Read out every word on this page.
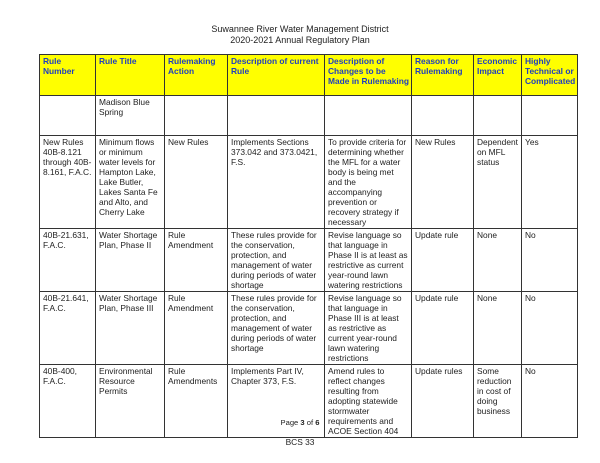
Suwannee River Water Management District
2020-2021 Annual Regulatory Plan
Rule Number	Rule Title	Rulemaking Action	Description of current Rule	Description of Changes to be Made in Rulemaking	Reason for Rulemaking	Economic Impact	Highly Technical or Complicated
	Madison Blue Spring						
New Rules 40B-8.121 through 40B-8.161, F.A.C.	Minimum flows or minimum water levels for Hampton Lake, Lake Butler, Lakes Santa Fe and Alto, and Cherry Lake	New Rules	Implements Sections 373.042 and 373.0421, F.S.	To provide criteria for determining whether the MFL for a water body is being met and the accompanying prevention or recovery strategy if necessary	New Rules	Dependent on MFL status	Yes
40B-21.631, F.A.C.	Water Shortage Plan, Phase II	Rule Amendment	These rules provide for the conservation, protection, and management of water during periods of water shortage	Revise language so that language in Phase II is at least as restrictive as current year-round lawn watering restrictions	Update rule	None	No
40B-21.641, F.A.C.	Water Shortage Plan, Phase III	Rule Amendment	These rules provide for the conservation, protection, and management of water during periods of water shortage	Revise language so that language in Phase III is at least as restrictive as current year-round lawn watering restrictions	Update rule	None	No
40B-400, F.A.C.	Environmental Resource Permits	Rule Amendments	Implements Part IV, Chapter 373, F.S.	Amend rules to reflect changes resulting from adopting statewide stormwater requirements and ACOE Section 404	Update rules	Some reduction in cost of doing business	No
Page 3 of 6
BCS 33
